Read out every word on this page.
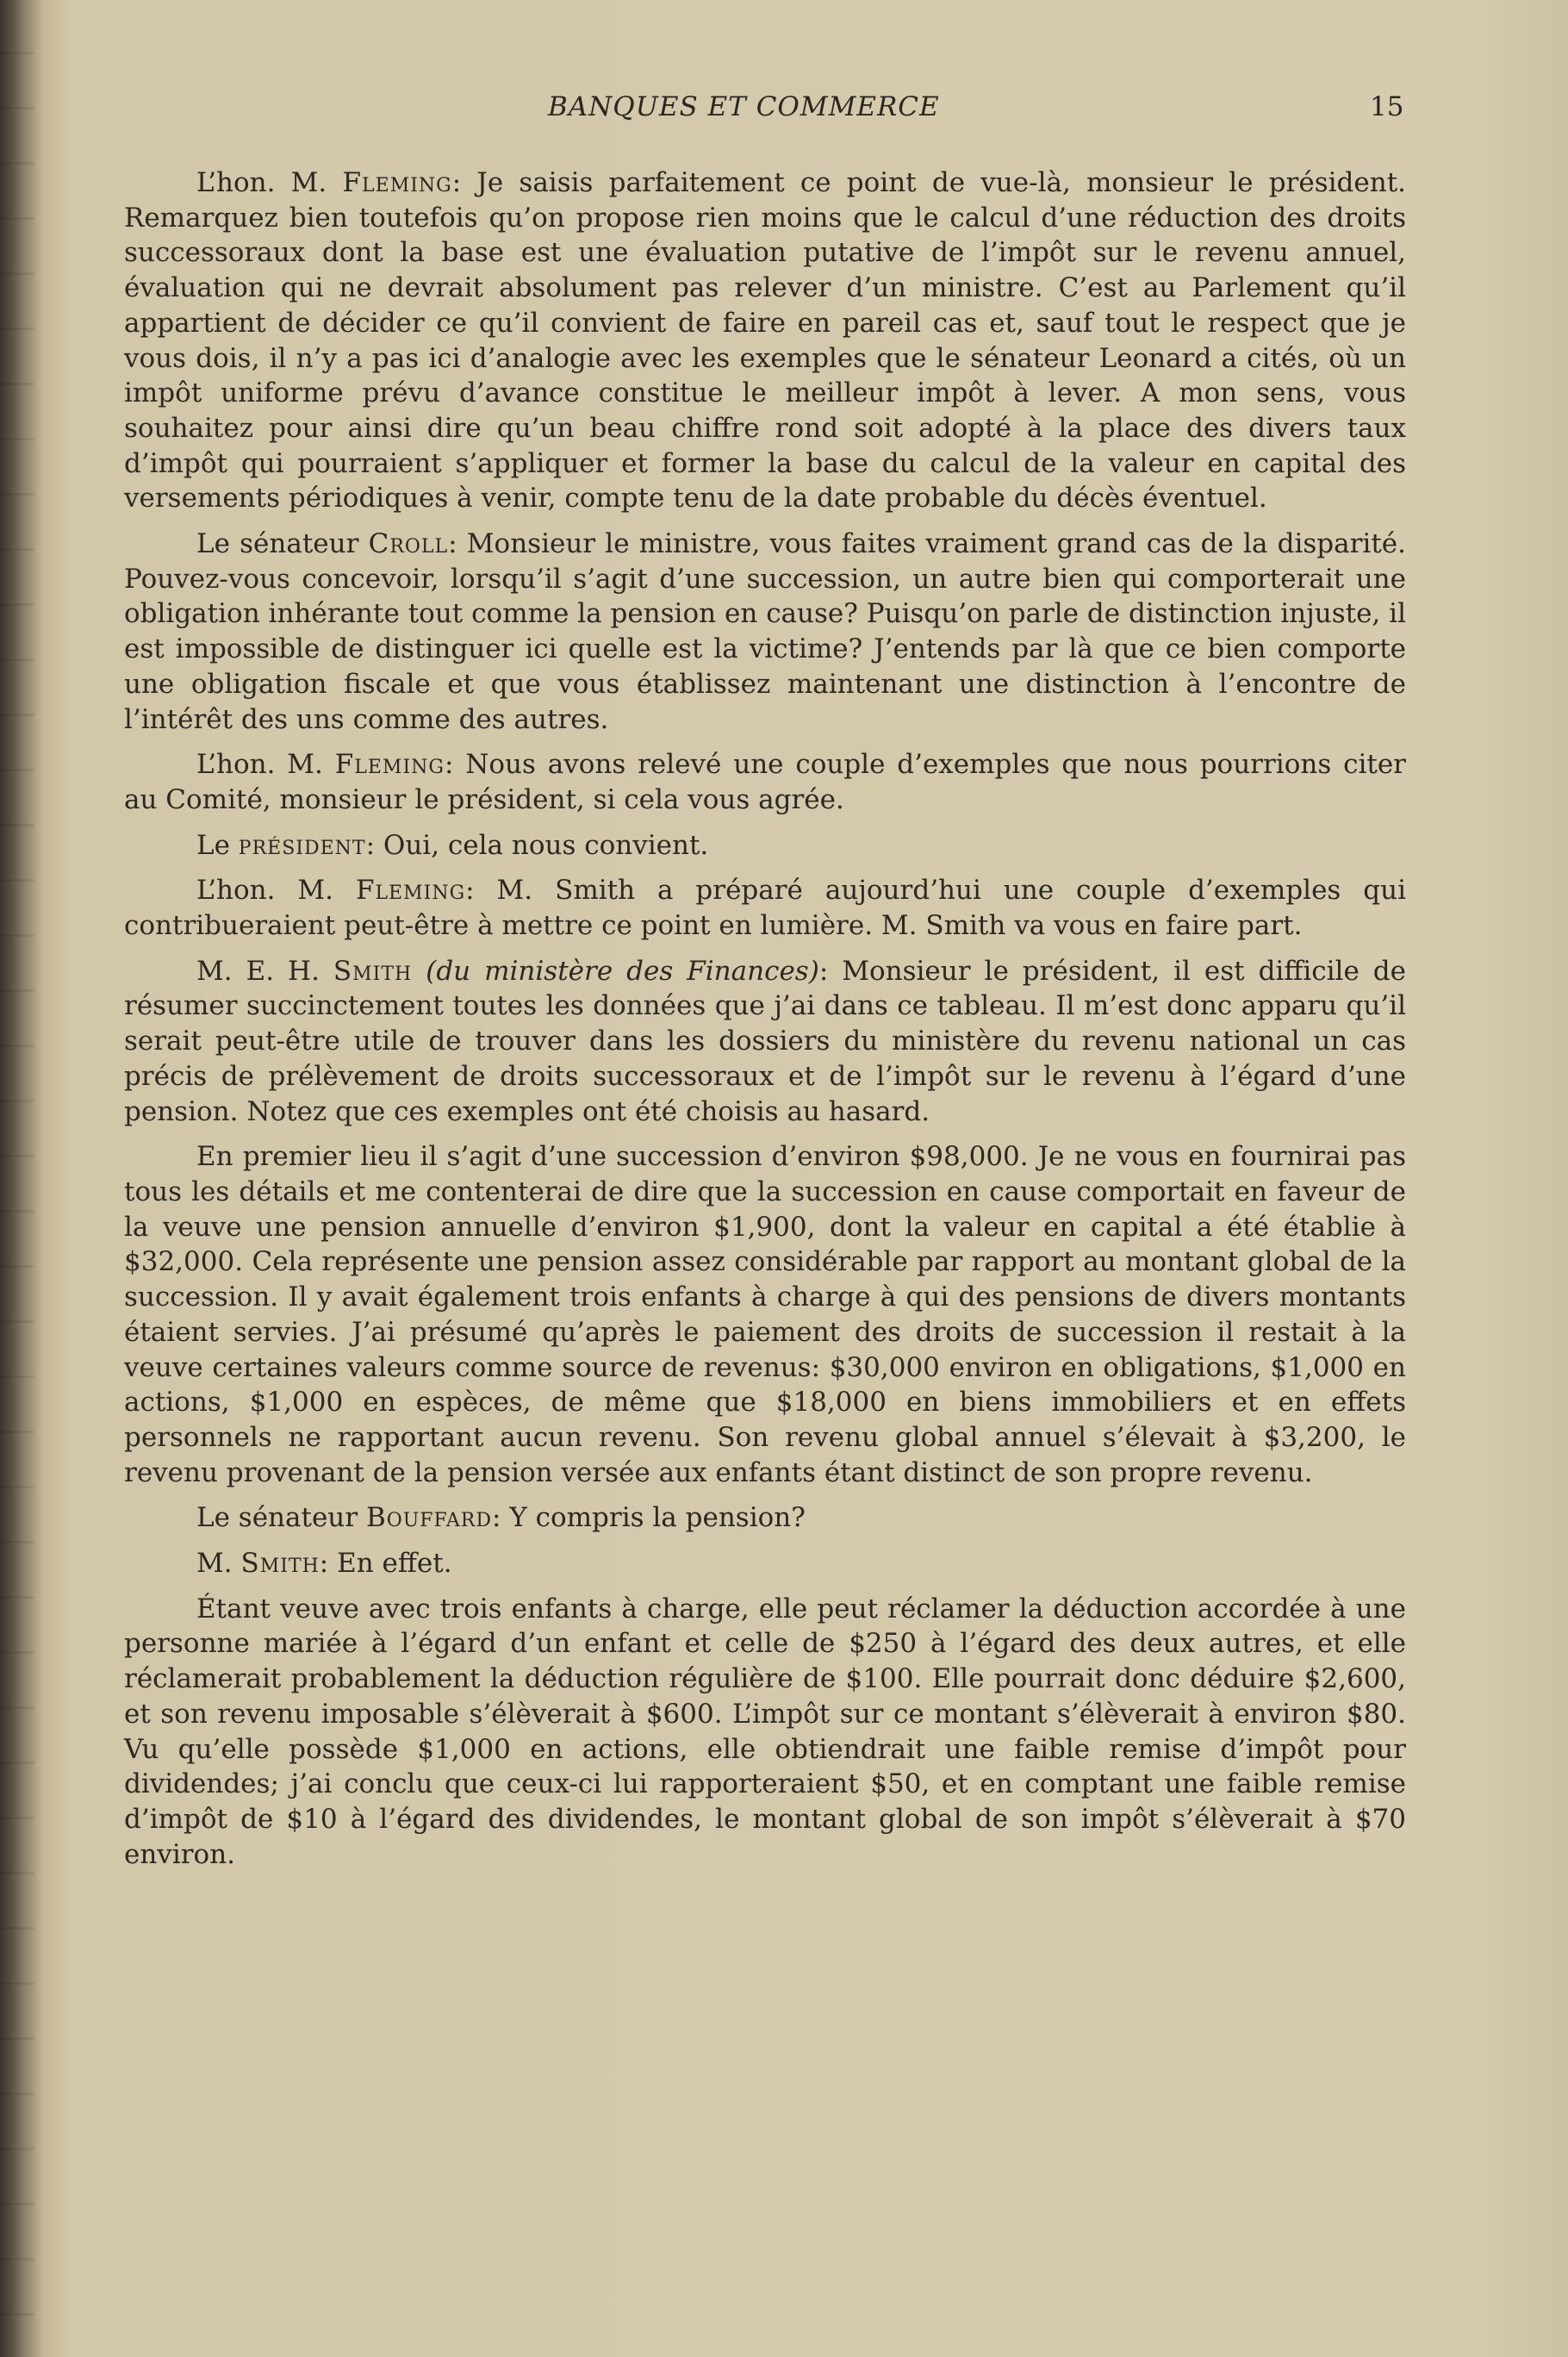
BANQUES ET COMMERCE	15

L’hon. M. Fleming: Je saisis parfaitement ce point de vue-là, monsieur le président. Remarquez bien toutefois qu’on propose rien moins que le calcul d’une réduction des droits successoraux dont la base est une évaluation putative de l’impôt sur le revenu annuel, évaluation qui ne devrait absolument pas relever d’un ministre. C’est au Parlement qu’il appartient de décider ce qu’il convient de faire en pareil cas et, sauf tout le respect que je vous dois, il n’y a pas ici d’analogie avec les exemples que le sénateur Leonard a cités, où un impôt uniforme prévu d’avance constitue le meilleur impôt à lever. A mon sens, vous souhaitez pour ainsi dire qu’un beau chiffre rond soit adopté à la place des divers taux d’impôt qui pourraient s’appliquer et former la base du calcul de la valeur en capital des versements périodiques à venir, compte tenu de la date probable du décès éventuel.

Le sénateur Croll: Monsieur le ministre, vous faites vraiment grand cas de la disparité. Pouvez-vous concevoir, lorsqu’il s’agit d’une succession, un autre bien qui comporterait une obligation inhérante tout comme la pension en cause? Puisqu’on parle de distinction injuste, il est impossible de distinguer ici quelle est la victime? J’entends par là que ce bien comporte une obligation fiscale et que vous établissez maintenant une distinction à l’encontre de l’intérêt des uns comme des autres.

L’hon. M. Fleming: Nous avons relevé une couple d’exemples que nous pourrions citer au Comité, monsieur le président, si cela vous agrée.

Le président: Oui, cela nous convient.

L’hon. M. Fleming: M. Smith a préparé aujourd’hui une couple d’exemples qui contribueraient peut-être à mettre ce point en lumière. M. Smith va vous en faire part.

M. E. H. Smith (du ministère des Finances): Monsieur le président, il est difficile de résumer succinctement toutes les données que j’ai dans ce tableau. Il m’est donc apparu qu’il serait peut-être utile de trouver dans les dossiers du ministère du revenu national un cas précis de prélèvement de droits successoraux et de l’impôt sur le revenu à l’égard d’une pension. Notez que ces exemples ont été choisis au hasard.

En premier lieu il s’agit d’une succession d’environ $98,000. Je ne vous en fournirai pas tous les détails et me contenterai de dire que la succession en cause comportait en faveur de la veuve une pension annuelle d’environ $1,900, dont la valeur en capital a été établie à $32,000. Cela représente une pension assez considérable par rapport au montant global de la succession. Il y avait également trois enfants à charge à qui des pensions de divers montants étaient servies. J’ai présumé qu’après le paiement des droits de succession il restait à la veuve certaines valeurs comme source de revenus: $30,000 environ en obligations, $1,000 en actions, $1,000 en espèces, de même que $18,000 en biens immobiliers et en effets personnels ne rapportant aucun revenu. Son revenu global annuel s’élevait à $3,200, le revenu provenant de la pension versée aux enfants étant distinct de son propre revenu.

Le sénateur Bouffard: Y compris la pension?

M. Smith: En effet.

Étant veuve avec trois enfants à charge, elle peut réclamer la déduction accordée à une personne mariée à l’égard d’un enfant et celle de $250 à l’égard des deux autres, et elle réclamerait probablement la déduction régulière de $100. Elle pourrait donc déduire $2,600, et son revenu imposable s’élèverait à $600. L’impôt sur ce montant s’élèverait à environ $80. Vu qu’elle possède $1,000 en actions, elle obtiendrait une faible remise d’impôt pour dividendes; j’ai conclu que ceux-ci lui rapporteraient $50, et en comptant une faible remise d’impôt de $10 à l’égard des dividendes, le montant global de son impôt s’élèverait à $70 environ.
